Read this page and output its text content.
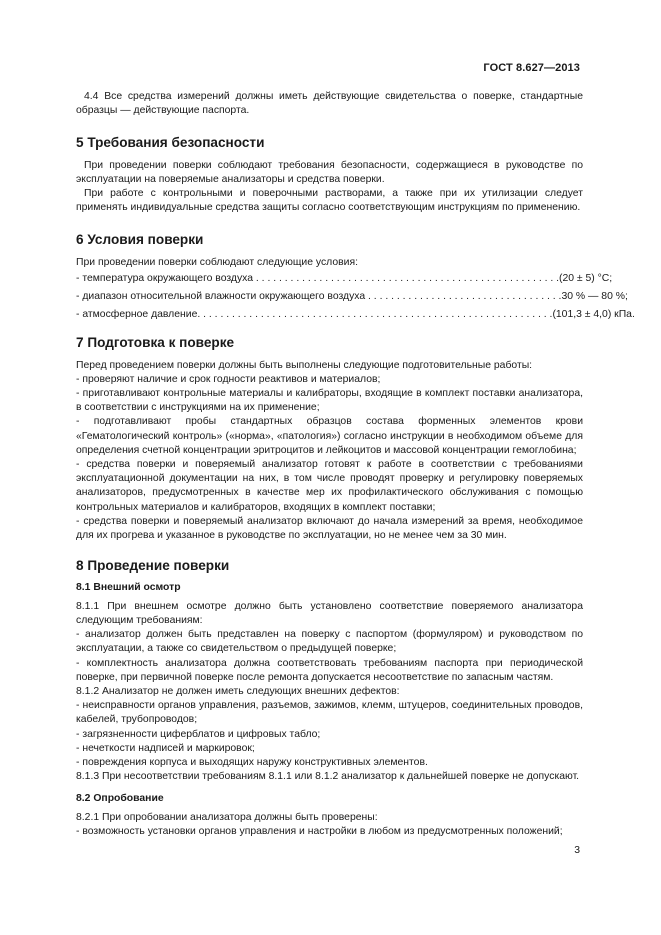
ГОСТ 8.627—2013

4.4 Все средства измерений должны иметь действующие свидетельства о поверке, стандартные образцы — действующие паспорта.

5 Требования безопасности

При проведении поверки соблюдают требования безопасности, содержащиеся в руководстве по эксплуатации на поверяемые анализаторы и средства поверки.

При работе с контрольными и поверочными растворами, а также при их утилизации следует применять индивидуальные средства защиты согласно соответствующим инструкциям по применению.

6 Условия поверки

При проведении поверки соблюдают следующие условия:

- температура окружающего воздуха . . . . . . . . . . . . . . . . . . . . . . . . . . . . . . . . . . . . . . . . . . . . . . . . . . . . . (20 ± 5) °С;
- диапазон относительной влажности окружающего воздуха . . . . . . . . . . . . . . . . . . . . . . . . . . . . . . . . . . 30 % — 80 %;
- атмосферное давление. . . . . . . . . . . . . . . . . . . . . . . . . . . . . . . . . . . . . . . . . . . . . . . . . . . . . . . . . . . . . . (101,3 ± 4,0) кПа.
7 Подготовка к поверке

Перед проведением поверки должны быть выполнены следующие подготовительные работы:

- проверяют наличие и срок годности реактивов и материалов;

- приготавливают контрольные материалы и калибраторы, входящие в комплект поставки анализатора, в соответствии с инструкциями на их применение;

- подготавливают пробы стандартных образцов состава форменных элементов крови «Гематологический контроль» («норма», «патология») согласно инструкции в необходимом объеме для определения счетной концентрации эритроцитов и лейкоцитов и массовой концентрации гемоглобина;

- средства поверки и поверяемый анализатор готовят к работе в соответствии с требованиями эксплуатационной документации на них, в том числе проводят проверку и регулировку поверяемых анализаторов, предусмотренных в качестве мер их профилактического обслуживания с помощью контрольных материалов и калибраторов, входящих в комплект поставки;

- средства поверки и поверяемый анализатор включают до начала измерений за время, необходимое для их прогрева и указанное в руководстве по эксплуатации, но не менее чем за 30 мин.

8 Проведение поверки
8.1 Внешний осмотр

8.1.1 При внешнем осмотре должно быть установлено соответствие поверяемого анализатора следующим требованиям:

- анализатор должен быть представлен на поверку с паспортом (формуляром) и руководством по эксплуатации, а также со свидетельством о предыдущей поверке;

- комплектность анализатора должна соответствовать требованиям паспорта при периодической поверке, при первичной поверке после ремонта допускается несоответствие по запасным частям.

8.1.2 Анализатор не должен иметь следующих внешних дефектов:

- неисправности органов управления, разъемов, зажимов, клемм, штуцеров, соединительных проводов, кабелей, трубопроводов;

- загрязненности циферблатов и цифровых табло;

- нечеткости надписей и маркировок;

- повреждения корпуса и выходящих наружу конструктивных элементов.

8.1.3 При несоответствии требованиям 8.1.1 или 8.1.2 анализатор к дальнейшей поверке не допускают.

8.2 Опробование

8.2.1 При опробовании анализатора должны быть проверены:

- возможность установки органов управления и настройки в любом из предусмотренных положений;

3
